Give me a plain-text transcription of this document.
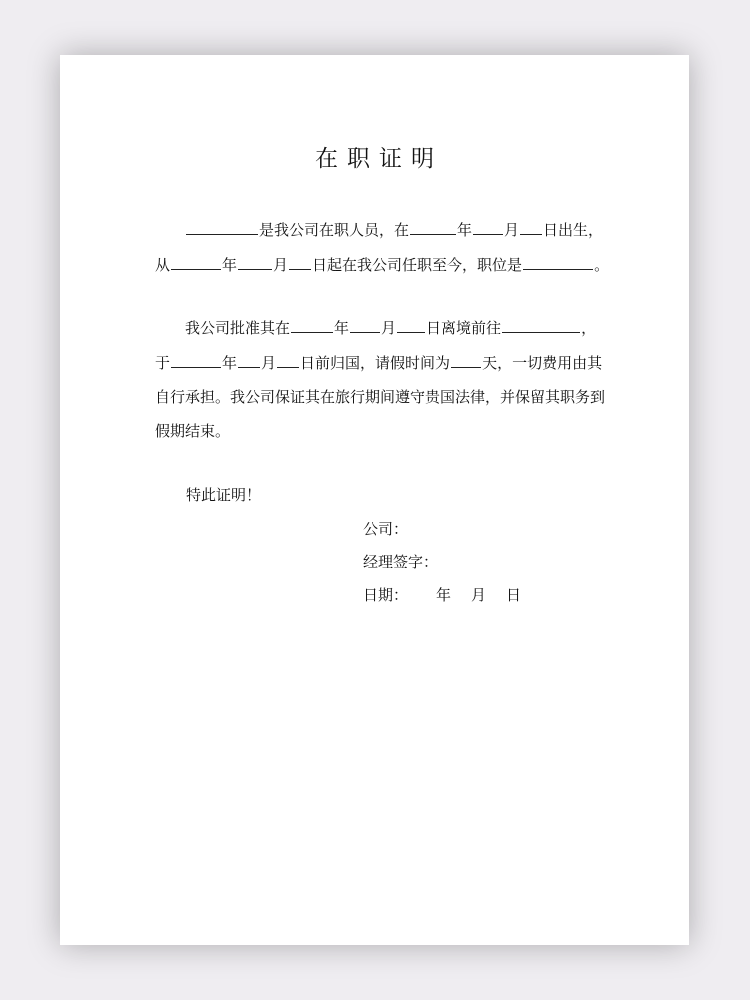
在职证明
是我公司在职人员，在	年 月 日出生，
从	年 月 日起在我公司任职至今，职位是	。
我公司批准其在	年 月 日离境前往	，
于	年 月 日前归国，请假时间为 天，一切费用由其
自行承担。我公司保证其在旅行期间遵守贵国法律，并保留其职务到
假期结束。
特此证明！
公司：
经理签字：
日期： 年 月 日
